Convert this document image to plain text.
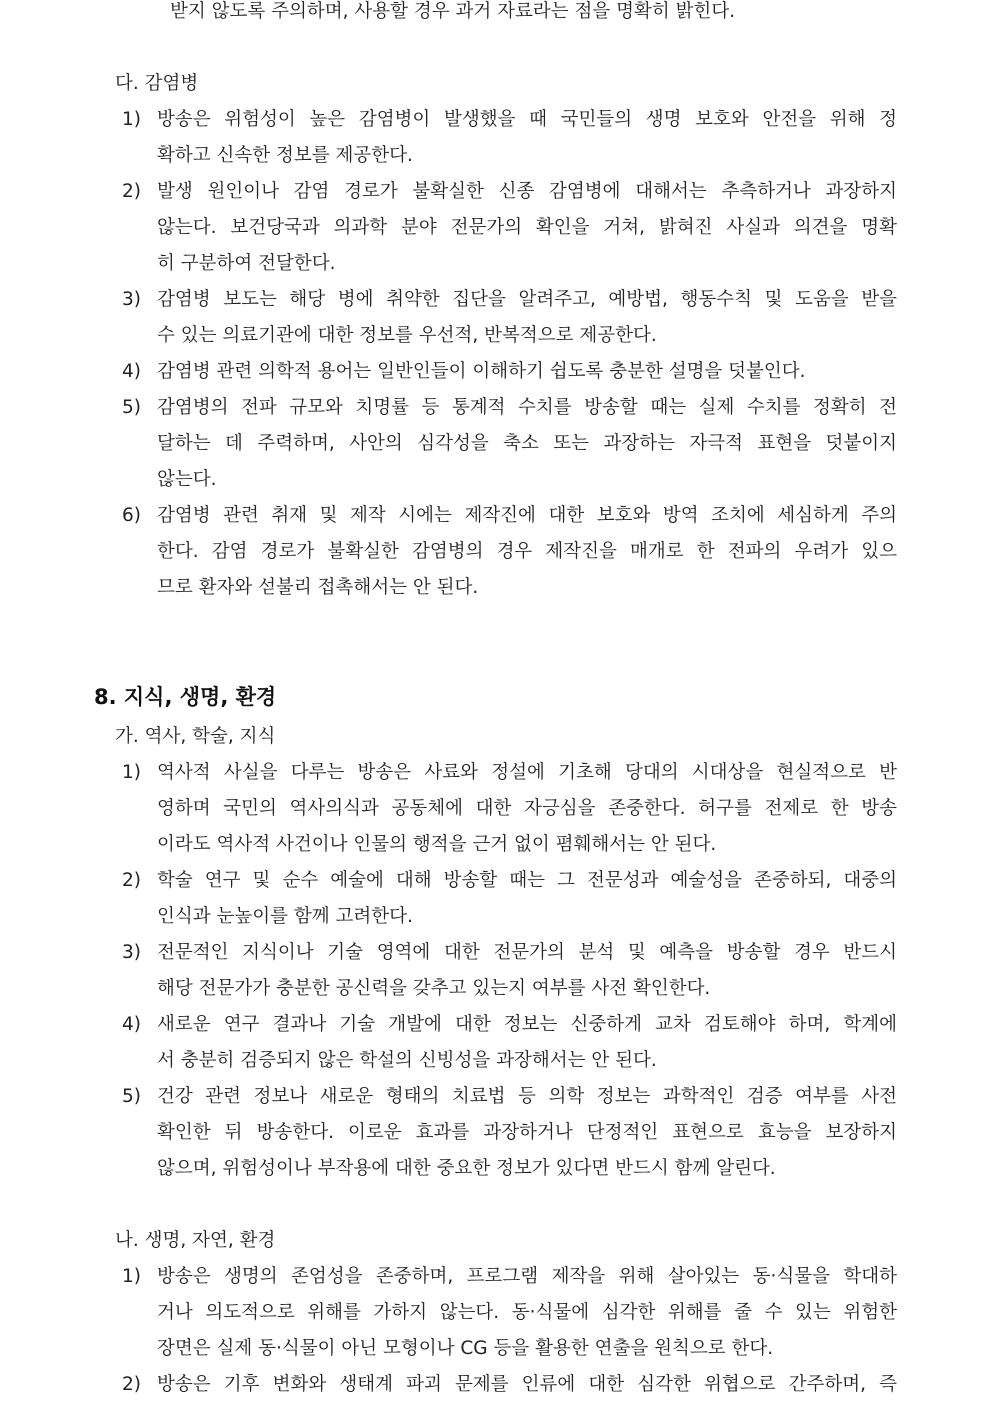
받지 않도록 주의하며, 사용할 경우 과거 자료라는 점을 명확히 밝힌다.
다. 감염병
1) 방송은 위험성이 높은 감염병이 발생했을 때 국민들의 생명 보호와 안전을 위해 정
확하고 신속한 정보를 제공한다.
2) 발생 원인이나 감염 경로가 불확실한 신종 감염병에 대해서는 추측하거나 과장하지
않는다. 보건당국과 의과학 분야 전문가의 확인을 거쳐, 밝혀진 사실과 의견을 명확
히 구분하여 전달한다.
3) 감염병 보도는 해당 병에 취약한 집단을 알려주고, 예방법, 행동수칙 및 도움을 받을
수 있는 의료기관에 대한 정보를 우선적, 반복적으로 제공한다.
4) 감염병 관련 의학적 용어는 일반인들이 이해하기 쉽도록 충분한 설명을 덧붙인다.
5) 감염병의 전파 규모와 치명률 등 통계적 수치를 방송할 때는 실제 수치를 정확히 전
달하는 데 주력하며, 사안의 심각성을 축소 또는 과장하는 자극적 표현을 덧붙이지
않는다.
6) 감염병 관련 취재 및 제작 시에는 제작진에 대한 보호와 방역 조치에 세심하게 주의
한다. 감염 경로가 불확실한 감염병의 경우 제작진을 매개로 한 전파의 우려가 있으
므로 환자와 섣불리 접촉해서는 안 된다.
8. 지식, 생명, 환경
가. 역사, 학술, 지식
1) 역사적 사실을 다루는 방송은 사료와 정설에 기초해 당대의 시대상을 현실적으로 반
영하며 국민의 역사의식과 공동체에 대한 자긍심을 존중한다. 허구를 전제로 한 방송
이라도 역사적 사건이나 인물의 행적을 근거 없이 폄훼해서는 안 된다.
2) 학술 연구 및 순수 예술에 대해 방송할 때는 그 전문성과 예술성을 존중하되, 대중의
인식과 눈높이를 함께 고려한다.
3) 전문적인 지식이나 기술 영역에 대한 전문가의 분석 및 예측을 방송할 경우 반드시
해당 전문가가 충분한 공신력을 갖추고 있는지 여부를 사전 확인한다.
4) 새로운 연구 결과나 기술 개발에 대한 정보는 신중하게 교차 검토해야 하며, 학계에
서 충분히 검증되지 않은 학설의 신빙성을 과장해서는 안 된다.
5) 건강 관련 정보나 새로운 형태의 치료법 등 의학 정보는 과학적인 검증 여부를 사전
확인한 뒤 방송한다. 이로운 효과를 과장하거나 단정적인 표현으로 효능을 보장하지
않으며, 위험성이나 부작용에 대한 중요한 정보가 있다면 반드시 함께 알린다.
나. 생명, 자연, 환경
1) 방송은 생명의 존엄성을 존중하며, 프로그램 제작을 위해 살아있는 동·식물을 학대하
거나 의도적으로 위해를 가하지 않는다. 동·식물에 심각한 위해를 줄 수 있는 위험한
장면은 실제 동·식물이 아닌 모형이나 CG 등을 활용한 연출을 원칙으로 한다.
2) 방송은 기후 변화와 생태계 파괴 문제를 인류에 대한 심각한 위협으로 간주하며, 즉
